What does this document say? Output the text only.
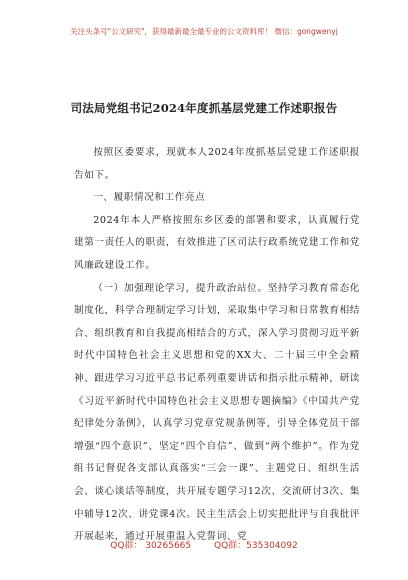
关注头条号"公文研究"，获得最新最全最专业的公文资料库！ 微信：gongwenyj
司法局党组书记2024年度抓基层党建工作述职报告

按照区委要求，现就本人2024年度抓基层党建工作述职报告如下。

一、履职情况和工作亮点

2024年本人严格按照东乡区委的部署和要求，认真履行党建第一责任人的职责，有效推进了区司法行政系统党建工作和党风廉政建设工作。

（一）加强理论学习，提升政治站位。坚持学习教育常态化制度化，科学合理制定学习计划，采取集中学习和日常教育相结合、组织教育和自我提高相结合的方式，深入学习贯彻习近平新时代中国特色社会主义思想和党的XX大、二十届三中全会精神、跟进学习习近平总书记系列重要讲话和指示批示精神，研读《习近平新时代中国特色社会主义思想专题摘编》《中国共产党纪律处分条例》，认真学习党章党规条例等，引导全体党员干部增强“四个意识”、坚定“四个自信”、做到“两个维护”。作为党组书记督促各支部认真落实“三会一课”、主题党日、组织生活会、谈心谈话等制度，共开展专题学习12次、交流研讨3次、集中辅导12次、讲党课4次。民主生活会上切实把批评与自我批评开展起来，通过开展重温入党誓词、党

QQ群： 30265665	QQ群：535304092
